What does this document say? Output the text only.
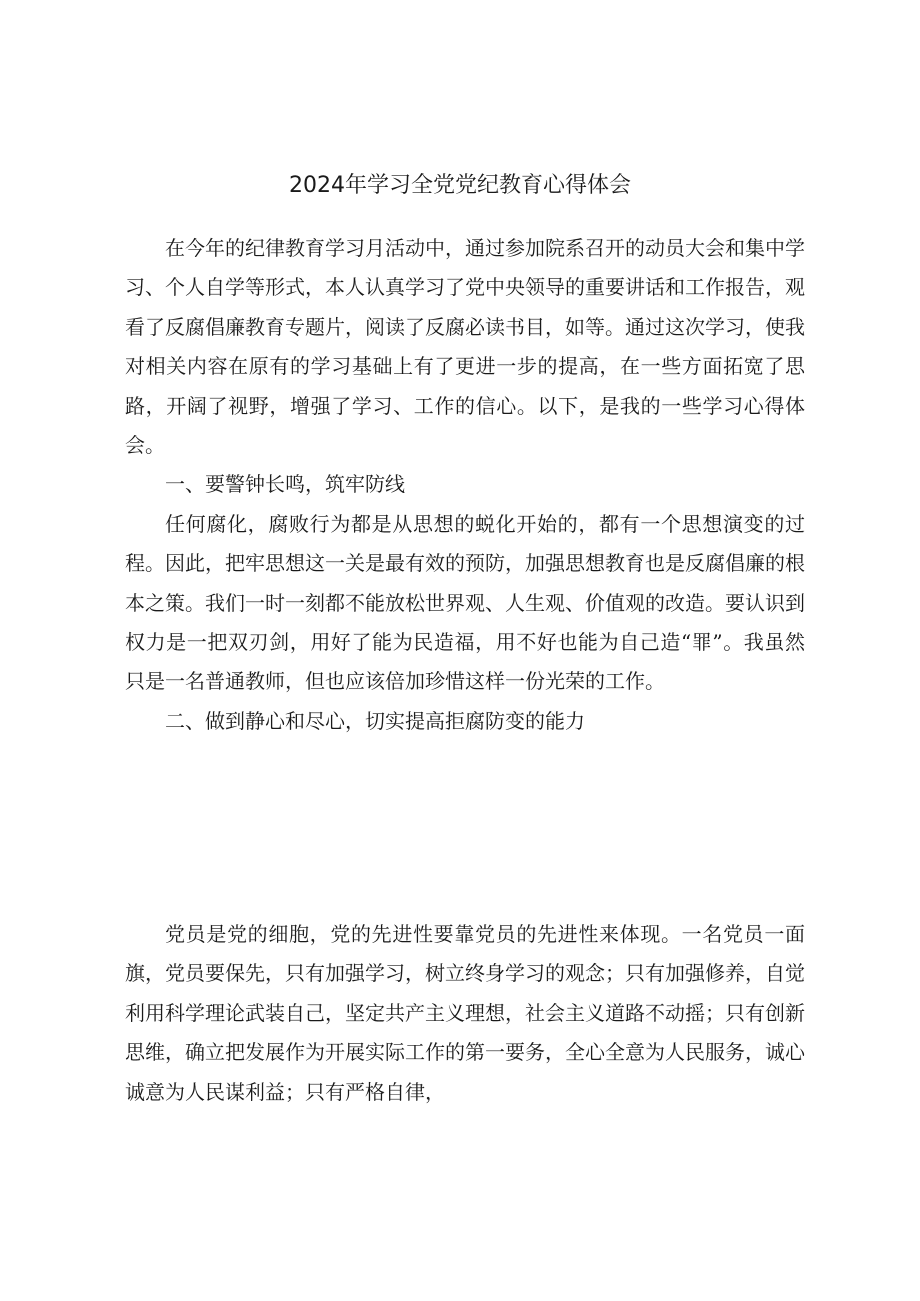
2024年学习全党党纪教育心得体会

在今年的纪律教育学习月活动中，通过参加院系召开的动员大会和集中学习、个人自学等形式，本人认真学习了党中央领导的重要讲话和工作报告，观看了反腐倡廉教育专题片，阅读了反腐必读书目，如等。通过这次学习，使我对相关内容在原有的学习基础上有了更进一步的提高，在一些方面拓宽了思路，开阔了视野，增强了学习、工作的信心。以下，是我的一些学习心得体会。

一、要警钟长鸣，筑牢防线

任何腐化，腐败行为都是从思想的蜕化开始的，都有一个思想演变的过程。因此，把牢思想这一关是最有效的预防，加强思想教育也是反腐倡廉的根本之策。我们一时一刻都不能放松世界观、人生观、价值观的改造。要认识到权力是一把双刃剑，用好了能为民造福，用不好也能为自己造“罪”。我虽然只是一名普通教师，但也应该倍加珍惜这样一份光荣的工作。

二、做到静心和尽心，切实提高拒腐防变的能力

党员是党的细胞，党的先进性要靠党员的先进性来体现。一名党员一面旗，党员要保先，只有加强学习，树立终身学习的观念；只有加强修养，自觉利用科学理论武装自己，坚定共产主义理想，社会主义道路不动摇；只有创新思维，确立把发展作为开展实际工作的第一要务，全心全意为人民服务，诚心诚意为人民谋利益；只有严格自律，
